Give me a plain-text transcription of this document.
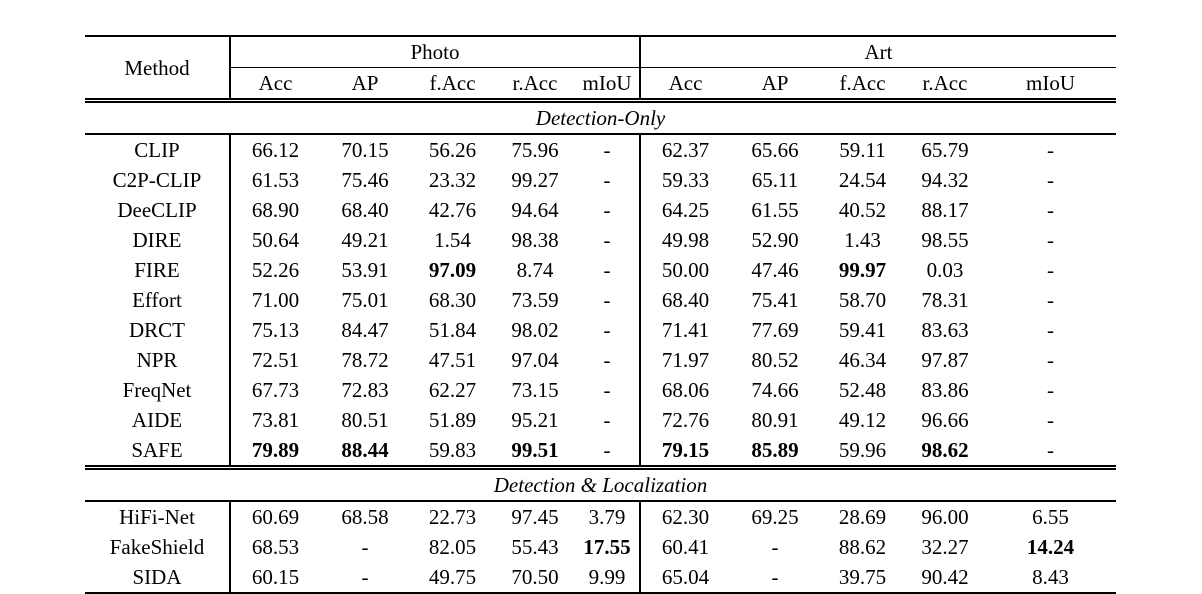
Method	Photo					Art				
	Acc	AP	f.Acc	r.Acc	mIoU	Acc	AP	f.Acc	r.Acc	mIoU
Detection-Only										
CLIP	66.12	70.15	56.26	75.96	-	62.37	65.66	59.11	65.79	-
C2P-CLIP	61.53	75.46	23.32	99.27	-	59.33	65.11	24.54	94.32	-
DeeCLIP	68.90	68.40	42.76	94.64	-	64.25	61.55	40.52	88.17	-
DIRE	50.64	49.21	1.54	98.38	-	49.98	52.90	1.43	98.55	-
FIRE	52.26	53.91	97.09	8.74	-	50.00	47.46	99.97	0.03	-
Effort	71.00	75.01	68.30	73.59	-	68.40	75.41	58.70	78.31	-
DRCT	75.13	84.47	51.84	98.02	-	71.41	77.69	59.41	83.63	-
NPR	72.51	78.72	47.51	97.04	-	71.97	80.52	46.34	97.87	-
FreqNet	67.73	72.83	62.27	73.15	-	68.06	74.66	52.48	83.86	-
AIDE	73.81	80.51	51.89	95.21	-	72.76	80.91	49.12	96.66	-
SAFE	79.89	88.44	59.83	99.51	-	79.15	85.89	59.96	98.62	-
Detection & Localization										
HiFi-Net	60.69	68.58	22.73	97.45	3.79	62.30	69.25	28.69	96.00	6.55
FakeShield	68.53	-	82.05	55.43	17.55	60.41	-	88.62	32.27	14.24
SIDA	60.15	-	49.75	70.50	9.99	65.04	-	39.75	90.42	8.43
